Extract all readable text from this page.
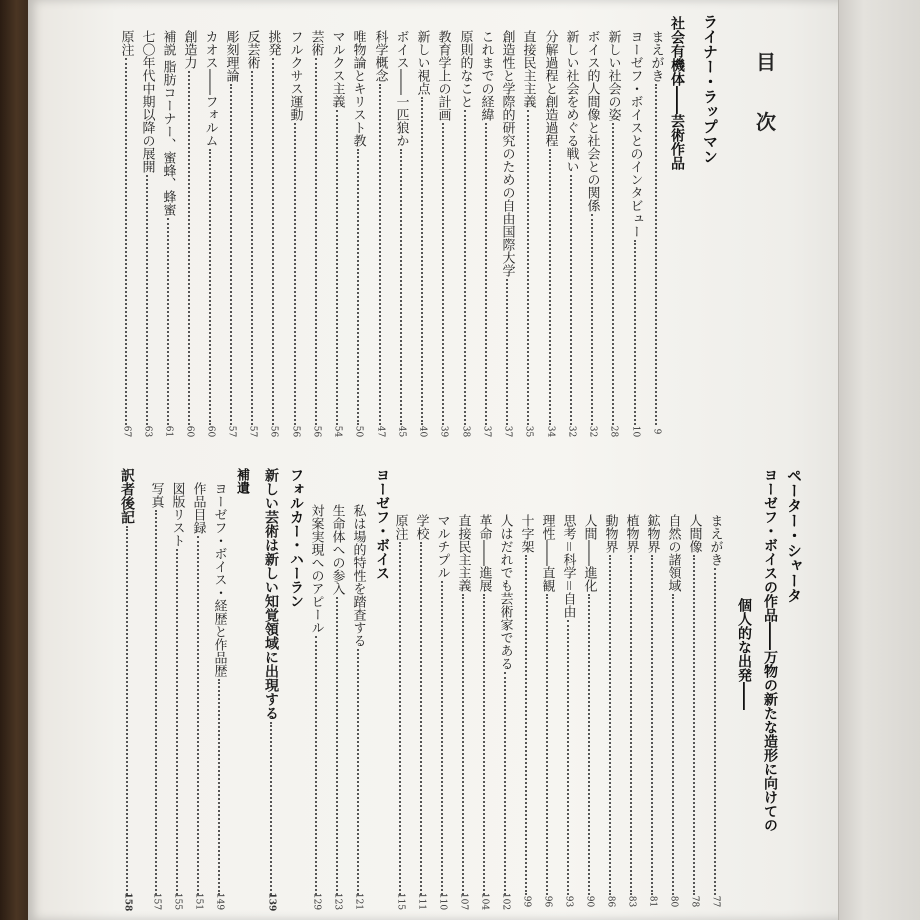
目
次
ライナー・ラップマン
社会有機体――芸術作品
ペーター・シャータ
ヨーゼフ・ボイスの作品――万物の新たな造形に向けての
個人的な出発――
ヨーゼフ・ボイス
フォルカー・ハーラン
補遺
まえがき
9
ヨーゼフ・ボイスとのインタビュー
10
新しい社会の姿
28
ボイス的人間像と社会との関係
32
新しい社会をめぐる戦い
32
分解過程と創造過程
34
直接民主主義
35
創造性と学際的研究のための自由国際大学
37
これまでの経緯
37
原則的なこと
38
教育学上の計画
39
新しい視点
40
ボイス――一匹狼か
45
科学概念
47
唯物論とキリスト教
50
マルクス主義
54
芸術
56
フルクサス運動
56
挑発
56
反芸術
57
彫刻理論
57
カオス――フォルム
60
創造力
60
補説 脂肪コーナー、蜜蜂、蜂蜜
61
七〇年代中期以降の展開
63
原注
67
まえがき
77
人間像
78
自然の諸領域
80
鉱物界
81
植物界
83
動物界
86
人間――進化
90
思考＝科学＝自由
93
理性――直観
96
十字架
99
人はだれでも芸術家である
102
革命――進展
104
直接民主主義
107
マルチプル
110
学校
111
原注
115
私は場的特性を踏査する
121
生命体への参入
123
対案実現へのアピール
129
新しい芸術は新しい知覚領域に出現する
139
ヨーゼフ・ボイス・経歴と作品歴
149
作品目録
151
図版リスト
155
写真
157
訳者後記
158
